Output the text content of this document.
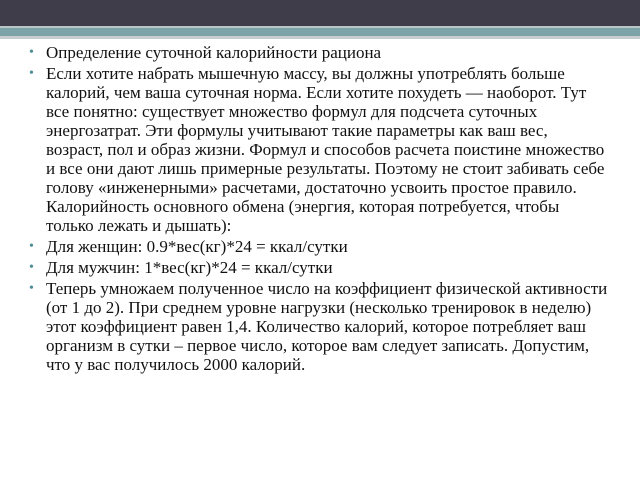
• Определение суточной калорийности рациона
• Если хотите набрать мышечную массу, вы должны употреблять больше калорий, чем ваша суточная норма. Если хотите похудеть — наоборот. Тут все понятно: существует множество формул для подсчета суточных энергозатрат. Эти формулы учитывают такие параметры как ваш вес, возраст, пол и образ жизни. Формул и способов расчета поистине множество и все они дают лишь примерные результаты. Поэтому не стоит забивать себе голову «инженерными» расчетами, достаточно усвоить простое правило. Калорийность основного обмена (энергия, которая потребуется, чтобы только лежать и дышать):
• Для женщин: 0.9*вес(кг)*24 = ккал/сутки
• Для мужчин: 1*вес(кг)*24 = ккал/сутки
• Теперь умножаем полученное число на коэффициент физической активности (от 1 до 2). При среднем уровне нагрузки (несколько тренировок в неделю) этот коэффициент равен 1,4. Количество калорий, которое потребляет ваш организм в сутки – первое число, которое вам следует записать. Допустим, что у вас получилось 2000 калорий.
